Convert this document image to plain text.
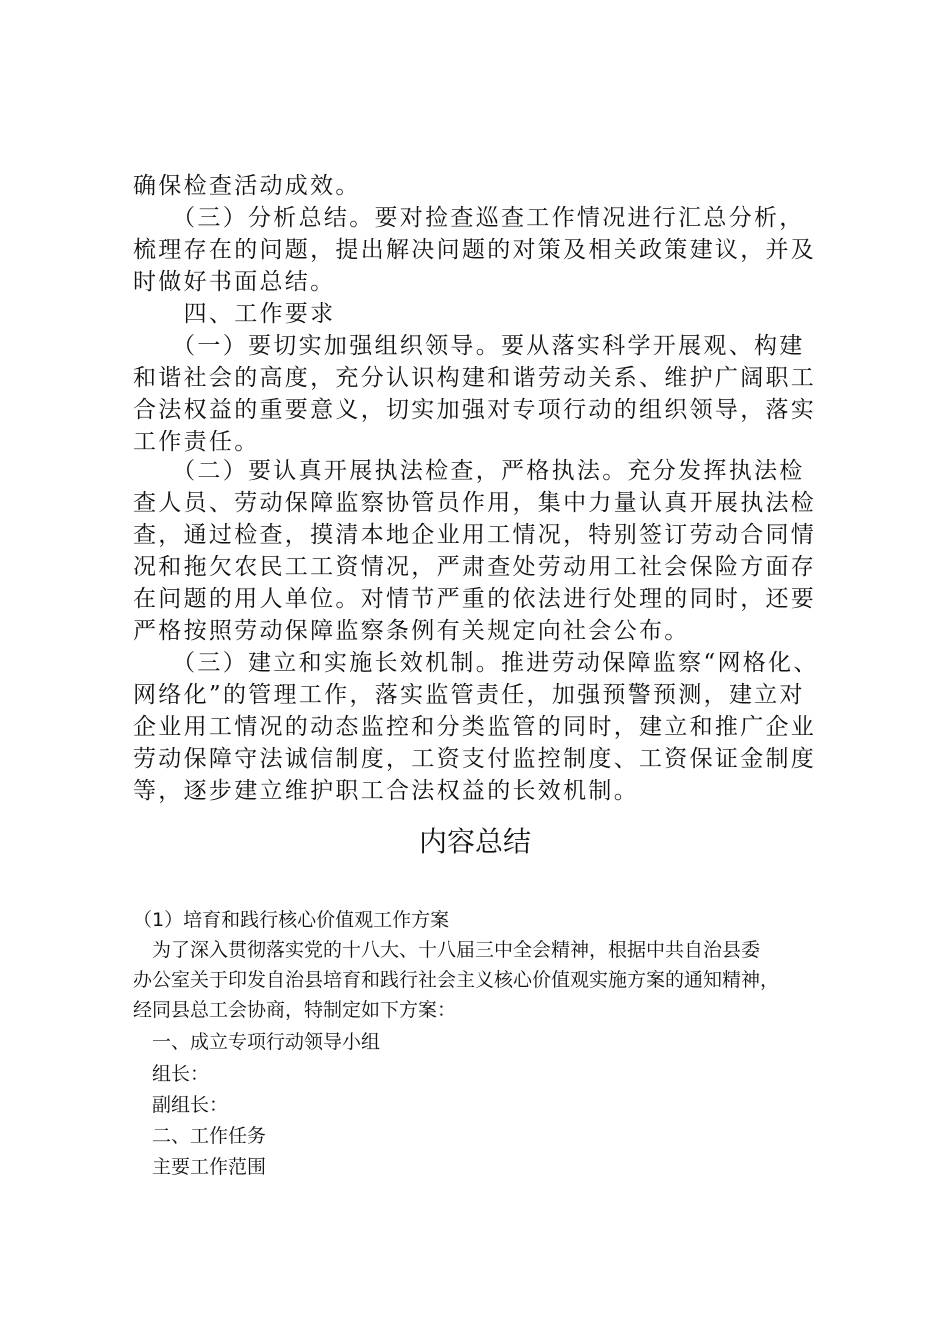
确保检查活动成效。
　　（三）分析总结。要对捡查巡查工作情况进行汇总分析，
梳理存在的问题，提出解决问题的对策及相关政策建议，并及
时做好书面总结。
　　四、工作要求
　　（一）要切实加强组织领导。要从落实科学开展观、构建
和谐社会的高度，充分认识构建和谐劳动关系、维护广阔职工
合法权益的重要意义，切实加强对专项行动的组织领导，落实
工作责任。
　　（二）要认真开展执法检查，严格执法。充分发挥执法检
查人员、劳动保障监察协管员作用，集中力量认真开展执法检
查，通过检查，摸清本地企业用工情况，特别签订劳动合同情
况和拖欠农民工工资情况，严肃查处劳动用工社会保险方面存
在问题的用人单位。对情节严重的依法进行处理的同时，还要
严格按照劳动保障监察条例有关规定向社会公布。
　　（三）建立和实施长效机制。推进劳动保障监察“网格化、
网络化”的管理工作，落实监管责任，加强预警预测，建立对
企业用工情况的动态监控和分类监管的同时，建立和推广企业
劳动保障守法诚信制度，工资支付监控制度、工资保证金制度
等，逐步建立维护职工合法权益的长效机制。
内容总结
（1）培育和践行核心价值观工作方案
　为了深入贯彻落实党的十八大、十八届三中全会精神，根据中共自治县委
办公室关于印发自治县培育和践行社会主义核心价值观实施方案的通知精神，
经同县总工会协商，特制定如下方案：
　一、成立专项行动领导小组
　组长：
　副组长：
　二、工作任务
　主要工作范围
